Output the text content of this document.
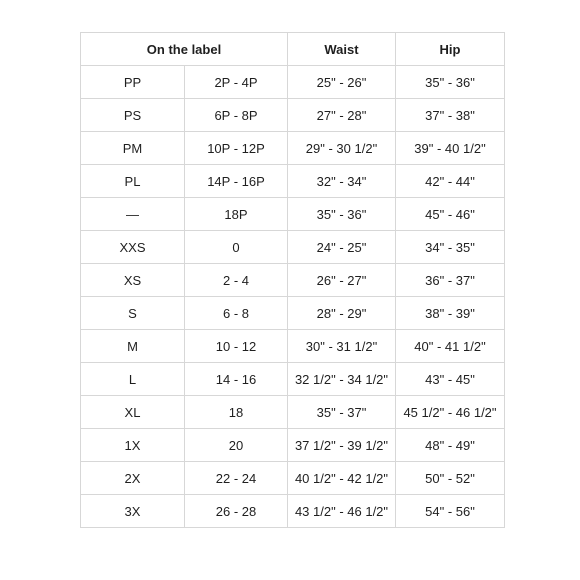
On the label		Waist	Hip
PP	2P - 4P	25" - 26"	35" - 36"
PS	6P - 8P	27" - 28"	37" - 38"
PM	10P - 12P	29" - 30 1/2"	39" - 40 1/2"
PL	14P - 16P	32" - 34"	42" - 44"
—	18P	35" - 36"	45" - 46"
XXS	0	24" - 25"	34" - 35"
XS	2 - 4	26" - 27"	36" - 37"
S	6 - 8	28" - 29"	38" - 39"
M	10 - 12	30" - 31 1/2"	40" - 41 1/2"
L	14 - 16	32 1/2" - 34 1/2"	43" - 45"
XL	18	35" - 37"	45 1/2" - 46 1/2"
1X	20	37 1/2" - 39 1/2"	48" - 49"
2X	22 - 24	40 1/2" - 42 1/2"	50" - 52"
3X	26 - 28	43 1/2" - 46 1/2"	54" - 56"
